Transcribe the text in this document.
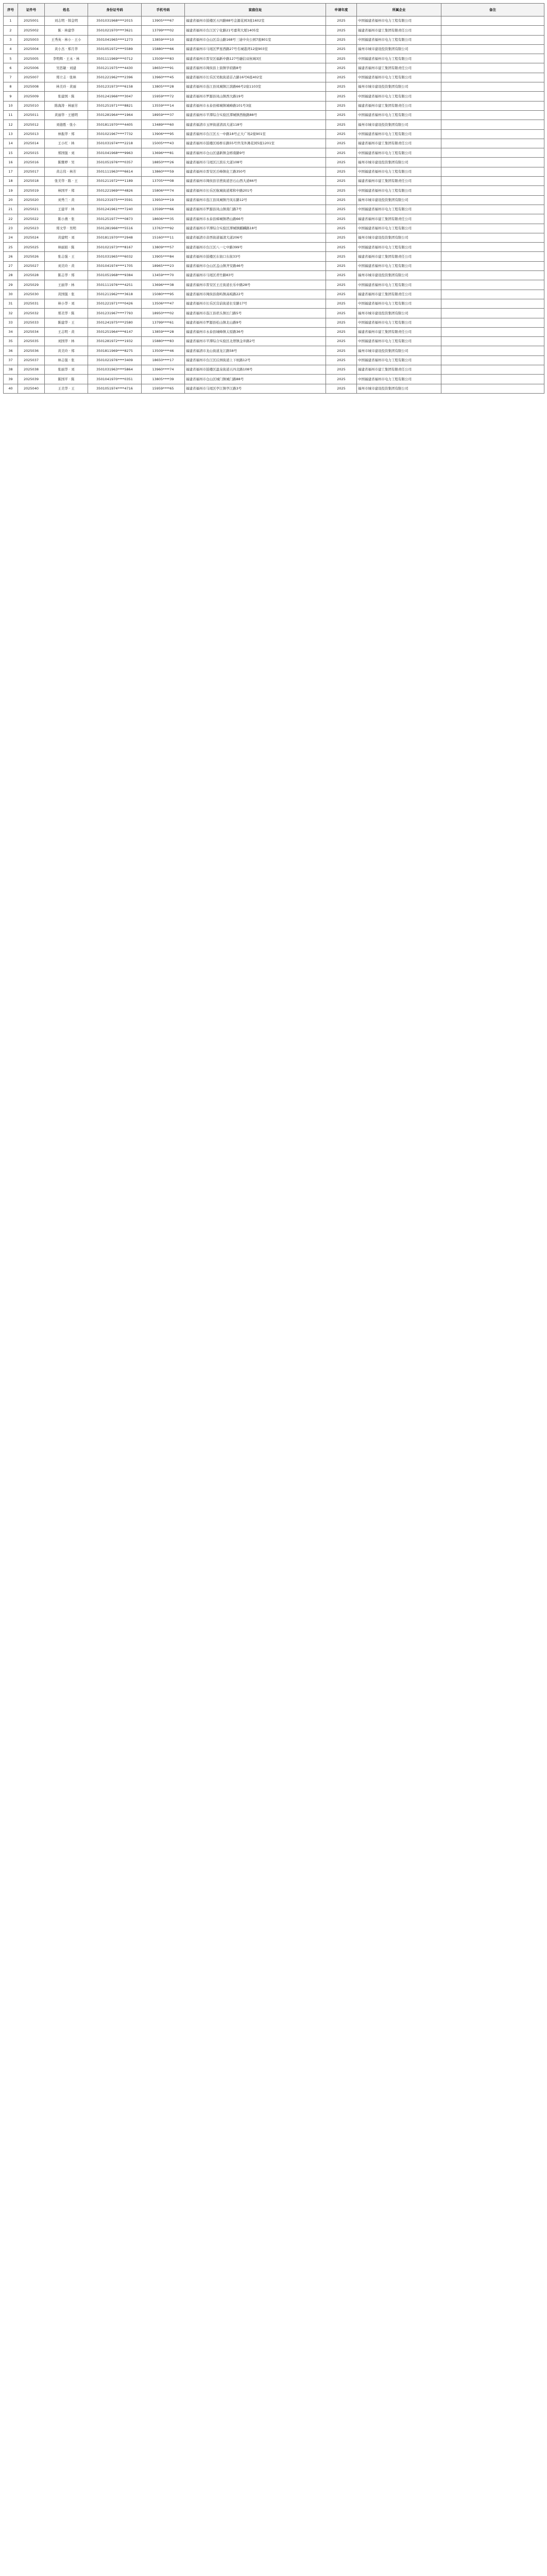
序号	证件号	姓名	身份证号码	手机号码	家庭住址	申请年度	所属企业	备注
1	2025001	刘志明 · 韩金明	3501031968****2015	13905****67	福建省福州市鼓楼区五四路88号金源花园3座1602室	2025	中国福建省福州市电力工程有限公司	
2	2025002	陈 · 林建华	3501021970****3621	13799****02	福建省福州市台江区宁化路21号嘉利大厦1405室	2025	福建省福州市建工集团有限责任公司	
3	2025003	王秀英 · 林小 · 王小	3501041965****1273	13859****10	福建省福州市仓山区首山路168号三迪中央公园7座801室	2025	中国福建省福州市电力工程有限公司	
4	2025004	黄小杰 · 郑月华	3501051972****5589	15880****66	福建省福州市马尾区罗星西路27号名城港湾12座903室	2025	福州市城市建设投资集团有限公司	
5	2025005	李明辉 · 王永 · 林	3501111969****0712	13509****83	福建省福州市晋安区福新中路127号融信双杭城3区	2025	中国福建省福州市电力工程有限公司	
6	2025006	吴思敏 · 刘建	3501211975****4430	18650****91	福建省福州市闽侯县上街镇学府路8号	2025	福建省福州市建工集团有限责任公司	
7	2025007	郑立志 · 张林	3501221962****2396	13960****45	福建省福州市长乐区吴航街道首占路16号6座402室	2025	中国福建省福州市电力工程有限公司	
8	2025008	林美玲 · 黄丽	3501231973****6158	13805****28	福建省福州市连江县凤城镇江滨路66号2座1103室	2025	福州市城市建设投资集团有限公司	
9	2025009	张建国 · 陈	3501241966****3047	15959****72	福建省福州市罗源县凤山镇西大路19号	2025	中国福建省福州市电力工程有限公司	
10	2025010	陈海涛 · 林丽芳	3501251971****8821	13559****14	福建省福州市永泰县樟城镇城峰路101号3座	2025	福建省福州市建工集团有限责任公司	
11	2025011	黄丽华 · 王德明	3501281964****1964	18959****37	福建省福州市平潭综合实验区潭城镇西航路88号	2025	中国福建省福州市电力工程有限公司	
12	2025012	刘德胜 · 张小	3501811970****4405	13489****60	福建省福清市玉屏街道清昌大道118号	2025	福州市城市建设投资集团有限公司	
13	2025013	林振华 · 郑	3501021967****7732	13906****95	福建省福州市台江区五一中路18号正大广场2座901室	2025	中国福建省福州市电力工程有限公司	
14	2025014	王小红 · 林	3501031974****2218	15005****43	福建省福州市鼓楼区杨桥东路55号世茂外滩花园5座1201室	2025	福建省福州市建工集团有限责任公司	
15	2025015	郑国强 · 刘	3501041968****9963	13696****81	福建省福州市仓山区建新镇金榕南路9号	2025	中国福建省福州市电力工程有限公司	
16	2025016	陈雅婷 · 吴	3501051976****0357	18850****26	福建省福州市马尾区江滨东大道108号	2025	福州市城市建设投资集团有限公司	
17	2025017	黄志伟 · 林芳	3501111963****6614	13860****59	福建省福州市晋安区岳峰镇化工路350号	2025	中国福建省福州市电力工程有限公司	
18	2025018	张美华 · 陈 · 王	3501211972****1189	13705****08	福建省福州市闽侯县甘蔗街道昙石山西大道66号	2025	福建省福州市建工集团有限责任公司	
19	2025019	林国平 · 郑	3501221969****4826	15806****74	福建省福州市长乐区航城街道郑和中路201号	2025	中国福建省福州市电力工程有限公司	
20	2025020	刘秀兰 · 黄	3501231975****3591	13950****19	福建省福州市连江县凤城镇丹凤东路12号	2025	福州市城市建设投资集团有限公司	
21	2025021	王建平 · 林	3501241961****7240	13599****66	福建省福州市罗源县凤山镇南门路7号	2025	中国福建省福州市电力工程有限公司	
22	2025022	陈小燕 · 张	3501251977****0873	18606****35	福建省福州市永泰县樟城镇塔山路66号	2025	福建省福州市建工集团有限责任公司	
23	2025023	郑文华 · 吴明	3501281966****5516	13763****92	福建省福州市平潭综合实验区潭城镇麒麟路18号	2025	中国福建省福州市电力工程有限公司	
24	2025024	黄建明 · 刘	3501811970****2948	15160****11	福建省福清市音西街道福清大道206号	2025	福州市城市建设投资集团有限公司	
25	2025025	林丽娟 · 陈	3501021973****8167	13809****57	福建省福州市台江区八一七中路399号	2025	中国福建省福州市电力工程有限公司	
26	2025026	张志强 · 王	3501031965****6032	13905****84	福建省福州市鼓楼区东街口东街33号	2025	福建省福州市建工集团有限责任公司	
27	2025027	刘美玲 · 黄	3501041974****1705	18965****23	福建省福州市仓山区盖山镇齐安路46号	2025	中国福建省福州市电力工程有限公司	
28	2025028	陈志华 · 郑	3501051968****9384	13459****70	福建省福州市马尾区君竹路83号	2025	福州市城市建设投资集团有限公司	
29	2025029	王丽华 · 林	3501111976****4251	13696****38	福建省福州市晋安区王庄街道长乐中路28号	2025	中国福建省福州市电力工程有限公司	
30	2025030	黄国强 · 张	3501211962****3618	15080****95	福建省福州市闽侯县南屿镇高岐路22号	2025	福建省福州市建工集团有限责任公司	
31	2025031	林小华 · 刘	3501221971****0426	13506****47	福建省福州市长乐区营前街道长安路17号	2025	中国福建省福州市电力工程有限公司	
32	2025032	郑美华 · 陈	3501231967****7793	18950****02	福建省福州市连江县琯头镇长门路5号	2025	福州市城市建设投资集团有限公司	
33	2025033	陈建华 · 王	3501241975****2580	13799****61	福建省福州市罗源县松山镇北山路9号	2025	中国福建省福州市电力工程有限公司	
34	2025034	王志明 · 黄	3501251964****6147	13859****28	福建省福州市永泰县城峰镇太原路36号	2025	福建省福州市建工集团有限责任公司	
35	2025035	刘国华 · 林	3501281972****1932	15880****83	福建省福州市平潭综合实验区北厝镇金井路2号	2025	中国福建省福州市电力工程有限公司	
36	2025036	黄美玲 · 郑	3501811969****8275	13509****46	福建省福清市龙山街道龙江路58号	2025	福州市城市建设投资集团有限公司	
37	2025037	林志强 · 张	3501021976****3409	18650****17	福建省福州市台江区后洲街道上下杭路12号	2025	中国福建省福州市电力工程有限公司	
38	2025038	张丽华 · 刘	3501031963****5864	13960****74	福建省福州市鼓楼区温泉街道五四北路108号	2025	福建省福州市建工集团有限责任公司	
39	2025039	陈国平 · 陈	3501041970****0351	13805****39	福建省福州市仓山区城门镇城门路88号	2025	中国福建省福州市电力工程有限公司	
40	2025040	王美华 · 王	3501051974****4716	15959****65	福建省福州市马尾区亭江镇亭江路3号	2025	福州市城市建设投资集团有限公司	
